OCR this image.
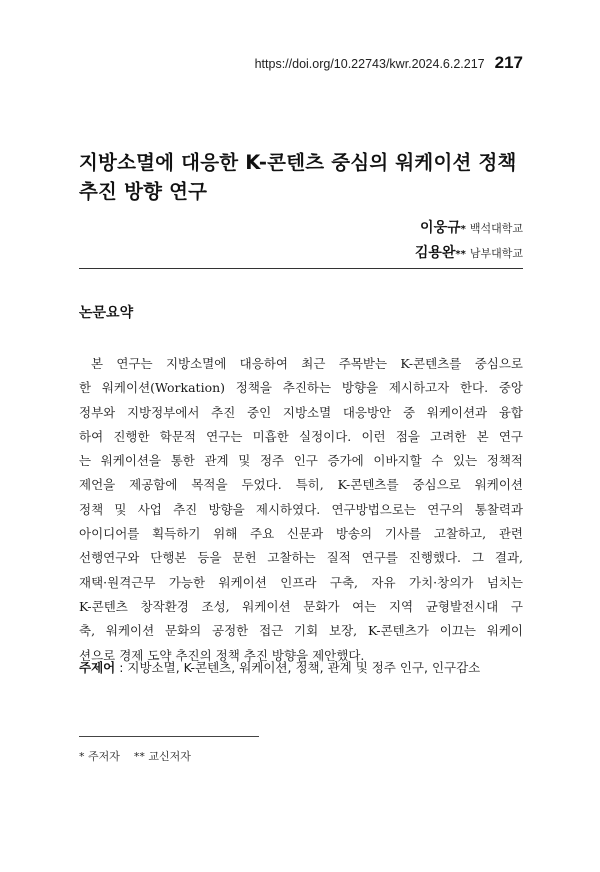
https://doi.org/10.22743/kwr.2024.6.2.217 217
지방소멸에 대응한 K-콘텐츠 중심의 워케이션 정책
추진 방향 연구
이웅규* 백석대학교
김용완** 남부대학교
논문요약
본 연구는 지방소멸에 대응하여 최근 주목받는 K-콘텐츠를 중심으로
한 워케이션(Workation) 정책을 추진하는 방향을 제시하고자 한다. 중앙
정부와 지방정부에서 추진 중인 지방소멸 대응방안 중 워케이션과 융합
하여 진행한 학문적 연구는 미흡한 실정이다. 이런 점을 고려한 본 연구
는 워케이션을 통한 관계 및 정주 인구 증가에 이바지할 수 있는 정책적
제언을 제공함에 목적을 두었다. 특히, K-콘텐츠를 중심으로 워케이션
정책 및 사업 추진 방향을 제시하였다. 연구방법으로는 연구의 통찰력과
아이디어를 획득하기 위해 주요 신문과 방송의 기사를 고찰하고, 관련
선행연구와 단행본 등을 문헌 고찰하는 질적 연구를 진행했다. 그 결과,
재택·원격근무 가능한 워케이션 인프라 구축, 자유 가치·창의가 넘치는
K-콘텐츠 창작환경 조성, 워케이션 문화가 여는 지역 균형발전시대 구
축, 워케이션 문화의 공정한 접근 기회 보장, K-콘텐츠가 이끄는 워케이
션으로 경제 도약 추진의 정책 추진 방향을 제안했다.
주제어 : 지방소멸, K-콘텐츠, 워케이션, 정책, 관계 및 정주 인구, 인구감소
* 주저자 ** 교신저자
